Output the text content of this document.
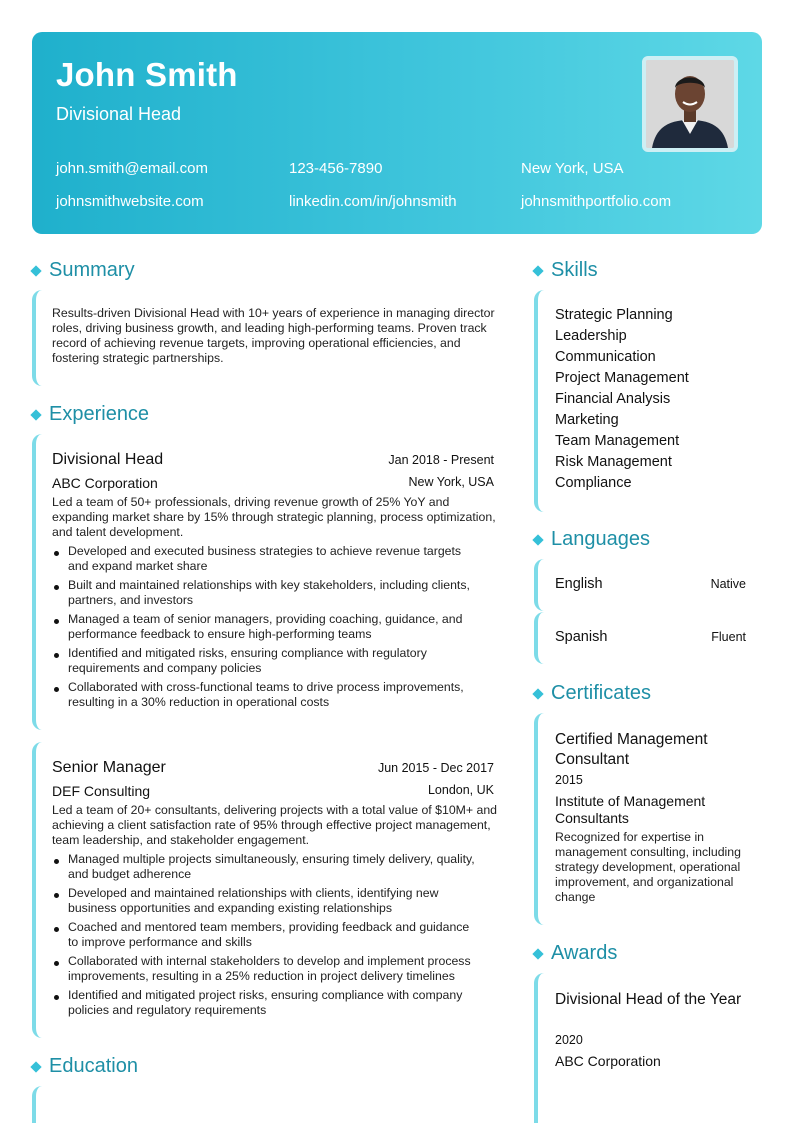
John Smith
Divisional Head
john.smith@email.com	123-456-7890	New York, USA
johnsmithwebsite.com	linkedin.com/in/johnsmith	johnsmithportfolio.com
Summary
Results-driven Divisional Head with 10+ years of experience in managing director roles, driving business growth, and leading high-performing teams. Proven track record of achieving revenue targets, improving operational efficiencies, and fostering strategic partnerships.
Experience
Divisional Head	Jan 2018 - Present
ABC Corporation	New York, USA
Led a team of 50+ professionals, driving revenue growth of 25% YoY and expanding market share by 15% through strategic planning, process optimization, and talent development.
Developed and executed business strategies to achieve revenue targets and expand market share
Built and maintained relationships with key stakeholders, including clients, partners, and investors
Managed a team of senior managers, providing coaching, guidance, and performance feedback to ensure high-performing teams
Identified and mitigated risks, ensuring compliance with regulatory requirements and company policies
Collaborated with cross-functional teams to drive process improvements, resulting in a 30% reduction in operational costs
Senior Manager	Jun 2015 - Dec 2017
DEF Consulting	London, UK
Led a team of 20+ consultants, delivering projects with a total value of $10M+ and achieving a client satisfaction rate of 95% through effective project management, team leadership, and stakeholder engagement.
Managed multiple projects simultaneously, ensuring timely delivery, quality, and budget adherence
Developed and maintained relationships with clients, identifying new business opportunities and expanding existing relationships
Coached and mentored team members, providing feedback and guidance to improve performance and skills
Collaborated with internal stakeholders to develop and implement process improvements, resulting in a 25% reduction in project delivery timelines
Identified and mitigated project risks, ensuring compliance with company policies and regulatory requirements
Education
Skills
Strategic Planning
Leadership
Communication
Project Management
Financial Analysis
Marketing
Team Management
Risk Management
Compliance
Languages
English	Native
Spanish	Fluent
Certificates
Certified Management Consultant
2015
Institute of Management Consultants
Recognized for expertise in management consulting, including strategy development, operational improvement, and organizational change
Awards
Divisional Head of the Year
2020
ABC Corporation
